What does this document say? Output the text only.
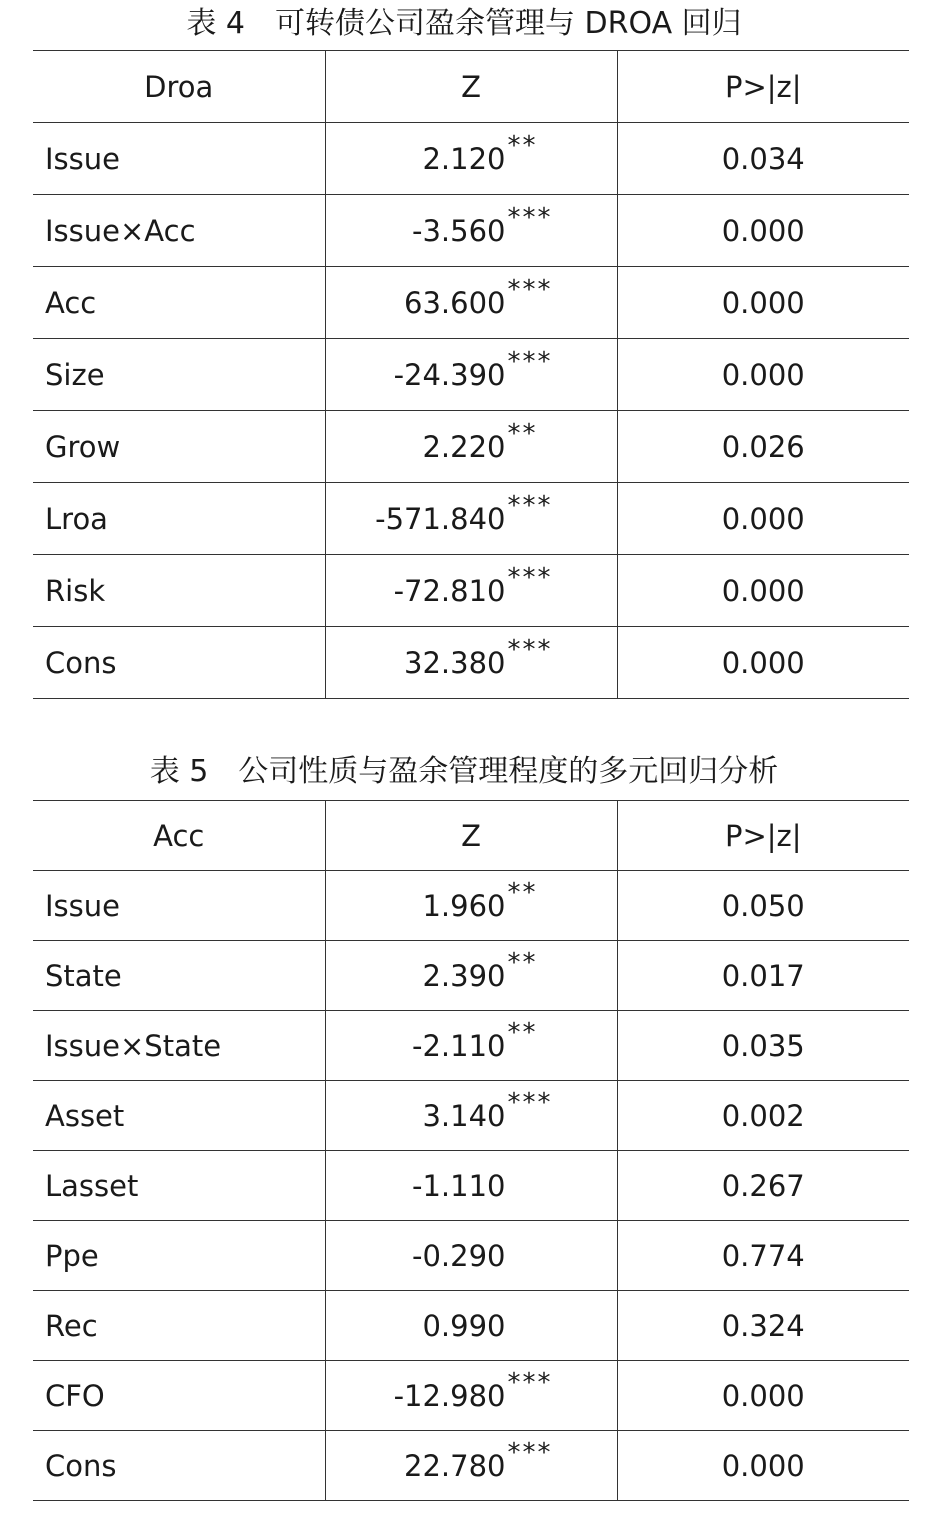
表 4　可转债公司盈余管理与 DROA 回归
Droa	Z	P>|z|
Issue	2.120**	0.034
Issue×Acc	-3.560***	0.000
Acc	63.600***	0.000
Size	-24.390***	0.000
Grow	2.220**	0.026
Lroa	-571.840***	0.000
Risk	-72.810***	0.000
Cons	32.380***	0.000
表 5　公司性质与盈余管理程度的多元回归分析
Acc	Z	P>|z|
Issue	1.960**	0.050
State	2.390**	0.017
Issue×State	-2.110**	0.035
Asset	3.140***	0.002
Lasset	-1.110	0.267
Ppe	-0.290	0.774
Rec	0.990	0.324
CFO	-12.980***	0.000
Cons	22.780***	0.000
